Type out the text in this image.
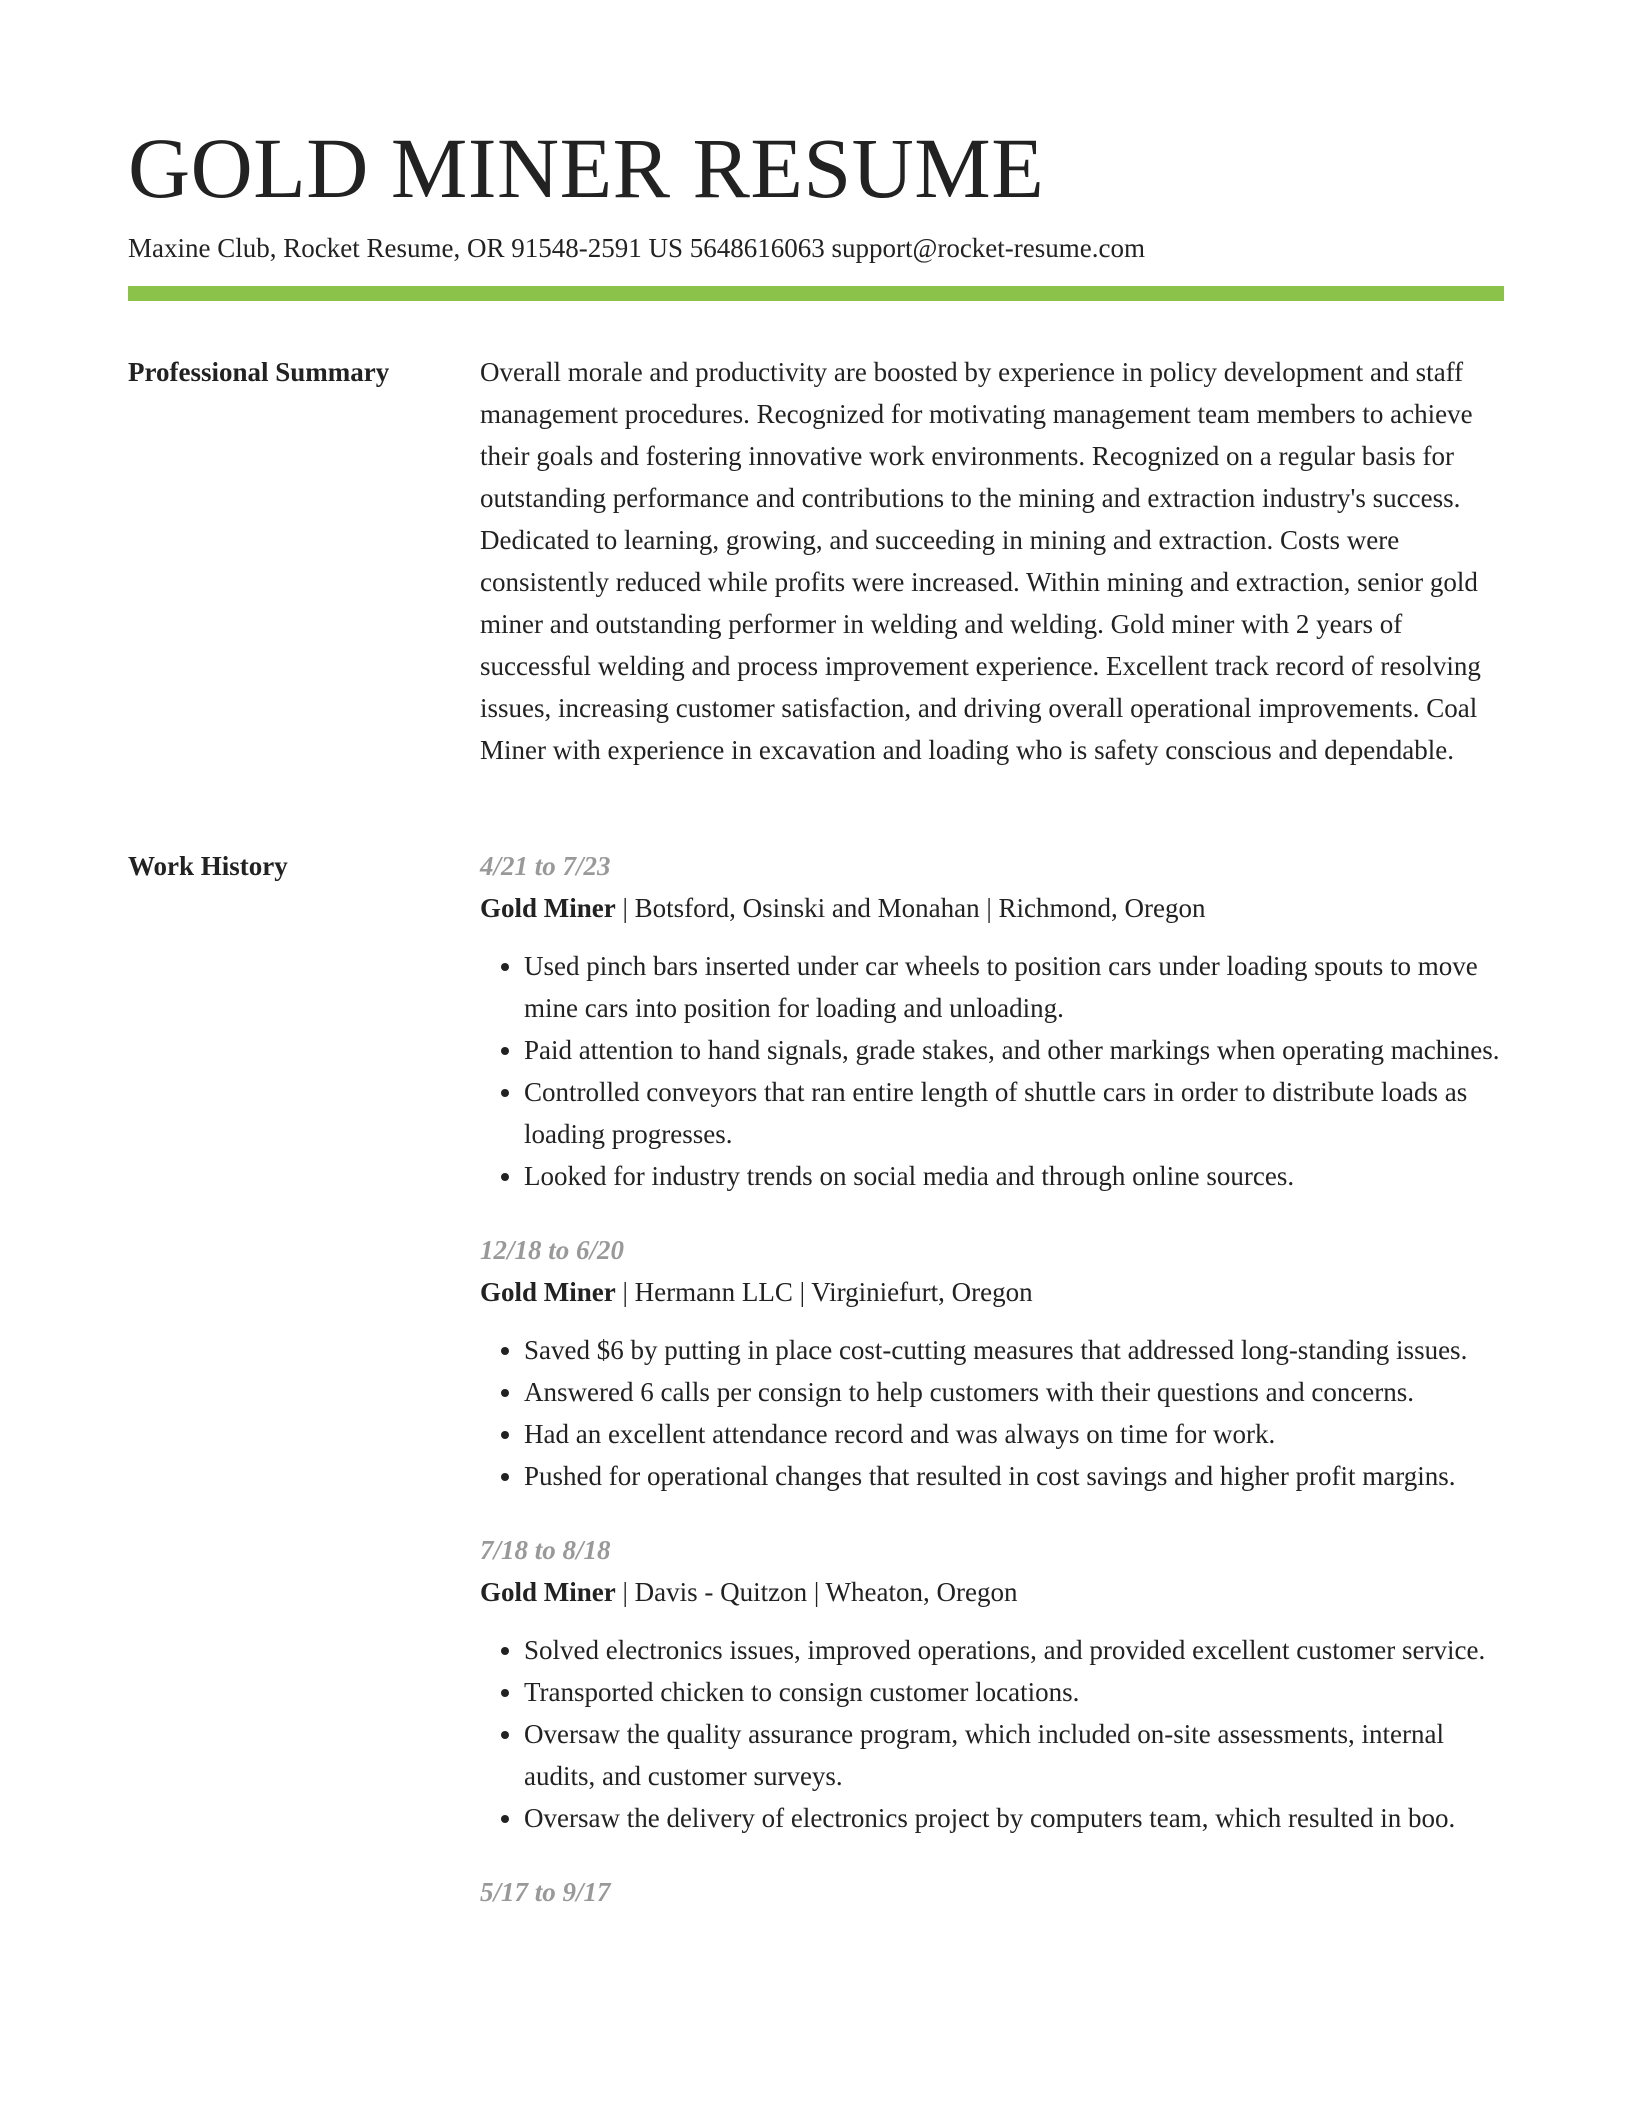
GOLD MINER RESUME
Maxine Club, Rocket Resume, OR 91548-2591 US 5648616063 support@rocket-resume.com
Professional Summary	Overall morale and productivity are boosted by experience in policy development and staff management procedures. Recognized for motivating management team members to achieve their goals and fostering innovative work environments. Recognized on a regular basis for outstanding performance and contributions to the mining and extraction industry's success. Dedicated to learning, growing, and succeeding in mining and extraction. Costs were consistently reduced while profits were increased. Within mining and extraction, senior gold miner and outstanding performer in welding and welding. Gold miner with 2 years of successful welding and process improvement experience. Excellent track record of resolving issues, increasing customer satisfaction, and driving overall operational improvements. Coal Miner with experience in excavation and loading who is safety conscious and dependable.

Work History	4/21 to 7/23
Gold Miner | Botsford, Osinski and Monahan | Richmond, Oregon
• Used pinch bars inserted under car wheels to position cars under loading spouts to move mine cars into position for loading and unloading.
• Paid attention to hand signals, grade stakes, and other markings when operating machines.
• Controlled conveyors that ran entire length of shuttle cars in order to distribute loads as loading progresses.
• Looked for industry trends on social media and through online sources.
12/18 to 6/20
Gold Miner | Hermann LLC | Virginiefurt, Oregon
• Saved $6 by putting in place cost-cutting measures that addressed long-standing issues.
• Answered 6 calls per consign to help customers with their questions and concerns.
• Had an excellent attendance record and was always on time for work.
• Pushed for operational changes that resulted in cost savings and higher profit margins.
7/18 to 8/18
Gold Miner | Davis - Quitzon | Wheaton, Oregon
• Solved electronics issues, improved operations, and provided excellent customer service.
• Transported chicken to consign customer locations.
• Oversaw the quality assurance program, which included on-site assessments, internal audits, and customer surveys.
• Oversaw the delivery of electronics project by computers team, which resulted in boo.
5/17 to 9/17
